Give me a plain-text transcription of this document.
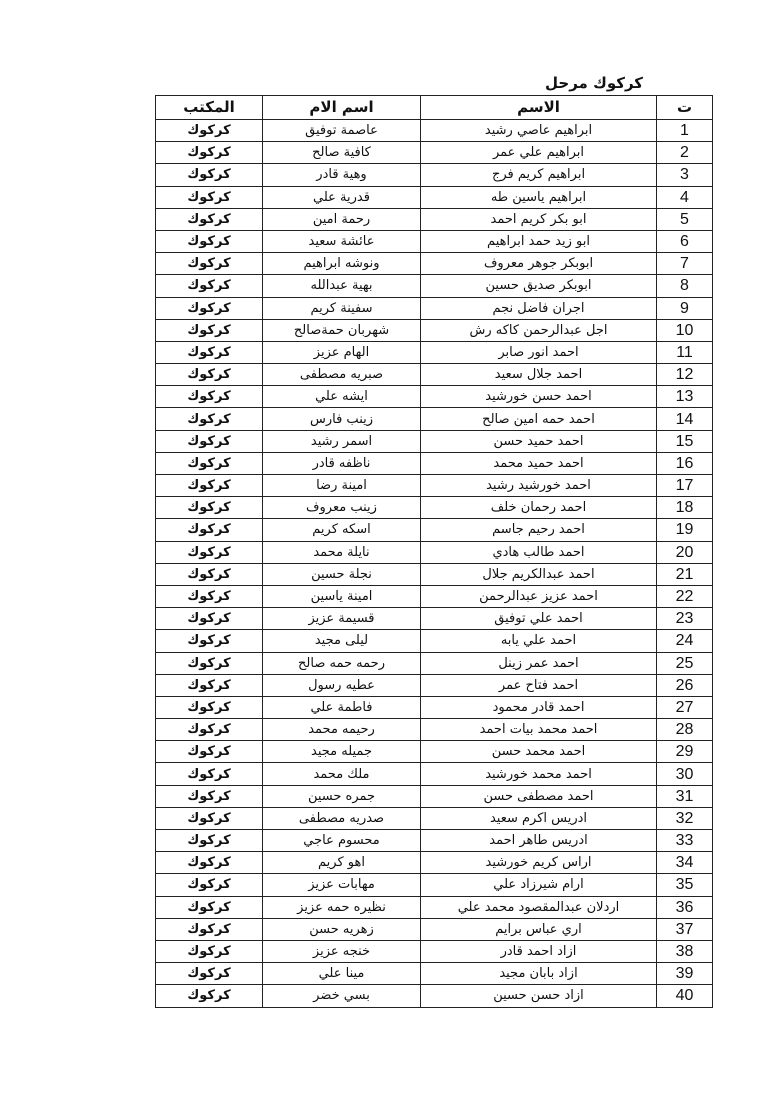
كركوك مرحل
ت	الاسم	اسم الام	المكتب
1	ابراهيم عاصي رشيد	عاصمة توفيق	كركوك
2	ابراهيم علي عمر	كافية صالح	كركوك
3	ابراهيم كريم فرج	وهية قادر	كركوك
4	ابراهيم ياسين طه	قدرية علي	كركوك
5	ابو بكر كريم احمد	رحمة امين	كركوك
6	ابو زيد حمد ابراهيم	عائشة سعيد	كركوك
7	ابوبكر جوهر معروف	ونوشه ابراهيم	كركوك
8	ابوبكر صديق حسين	بهية عبدالله	كركوك
9	اجران فاضل نجم	سفينة كريم	كركوك
10	اجل عبدالرحمن كاكه رش	شهربان حمةصالح	كركوك
11	احمد انور صابر	الهام عزيز	كركوك
12	احمد جلال سعيد	صبريه مصطفى	كركوك
13	احمد حسن خورشيد	ايشه علي	كركوك
14	احمد حمه امين صالح	زينب فارس	كركوك
15	احمد حميد حسن	اسمر رشيد	كركوك
16	احمد حميد محمد	ناظفه قادر	كركوك
17	احمد خورشيد رشيد	امينة رضا	كركوك
18	احمد رحمان خلف	زينب معروف	كركوك
19	احمد رحيم جاسم	اسكه كريم	كركوك
20	احمد طالب هادي	نايلة محمد	كركوك
21	احمد عبدالكريم جلال	نجلة حسين	كركوك
22	احمد عزيز عبدالرحمن	امينة ياسين	كركوك
23	احمد علي توفيق	قسيمة عزيز	كركوك
24	احمد علي يابه	ليلى مجيد	كركوك
25	احمد عمر زينل	رحمه حمه صالح	كركوك
26	احمد فتاح عمر	عطيه رسول	كركوك
27	احمد قادر محمود	فاطمة علي	كركوك
28	احمد محمد بيات احمد	رحيمه محمد	كركوك
29	احمد محمد حسن	جميله مجيد	كركوك
30	احمد محمد خورشيد	ملك محمد	كركوك
31	احمد مصطفى حسن	جمره حسين	كركوك
32	ادريس اكرم سعيد	صدريه مصطفى	كركوك
33	ادريس طاهر احمد	محسوم عاجي	كركوك
34	اراس كريم خورشيد	اهو كريم	كركوك
35	ارام شيرزاد علي	مهابات عزيز	كركوك
36	اردلان عبدالمقصود محمد علي	نظيره حمه عزيز	كركوك
37	اري عباس برايم	زهريه حسن	كركوك
38	ازاد احمد قادر	خنجه عزيز	كركوك
39	ازاد بابان مجيد	مينا علي	كركوك
40	ازاد حسن حسين	بسي خضر	كركوك
